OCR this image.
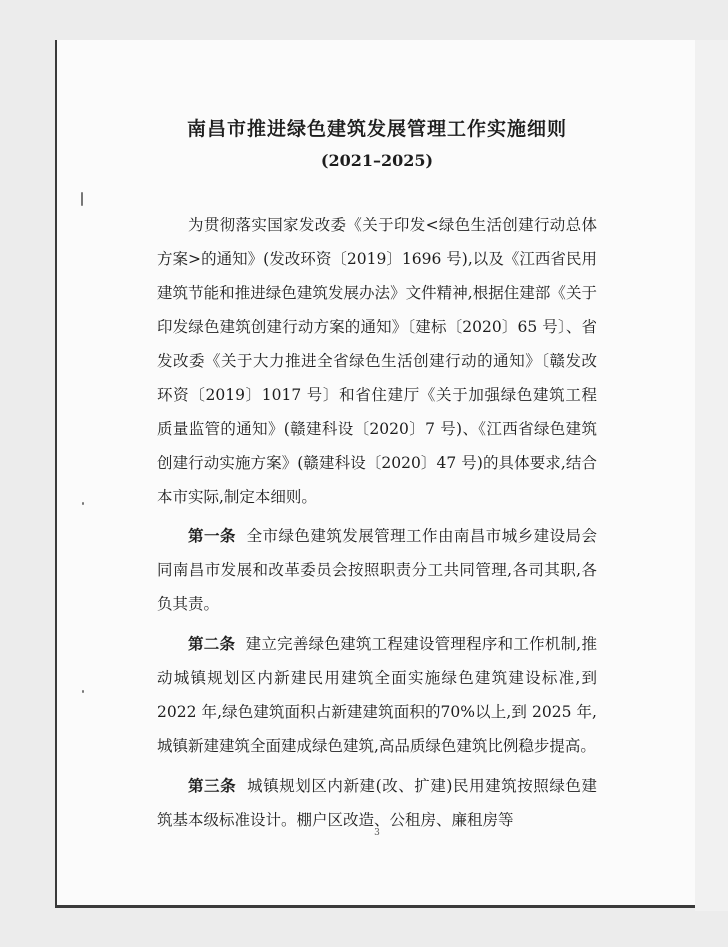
南昌市推进绿色建筑发展管理工作实施细则
(2021–2025)

为贯彻落实国家发改委《关于印发<绿色生活创建行动总体方案>的通知》(发改环资〔2019〕1696 号),以及《江西省民用建筑节能和推进绿色建筑发展办法》文件精神,根据住建部《关于印发绿色建筑创建行动方案的通知》〔建标〔2020〕65 号〕、省发改委《关于大力推进全省绿色生活创建行动的通知》〔赣发改环资〔2019〕1017 号〕和省住建厅《关于加强绿色建筑工程质量监管的通知》(赣建科设〔2020〕7 号)、《江西省绿色建筑创建行动实施方案》(赣建科设〔2020〕47 号)的具体要求,结合本市实际,制定本细则。

第一条 全市绿色建筑发展管理工作由南昌市城乡建设局会同南昌市发展和改革委员会按照职责分工共同管理,各司其职,各负其责。

第二条 建立完善绿色建筑工程建设管理程序和工作机制,推动城镇规划区内新建民用建筑全面实施绿色建筑建设标准,到2022 年,绿色建筑面积占新建建筑面积的70%以上,到 2025 年,城镇新建建筑全面建成绿色建筑,高品质绿色建筑比例稳步提高。

第三条 城镇规划区内新建(改、扩建)民用建筑按照绿色建筑基本级标准设计。棚户区改造、公租房、廉租房等

3
